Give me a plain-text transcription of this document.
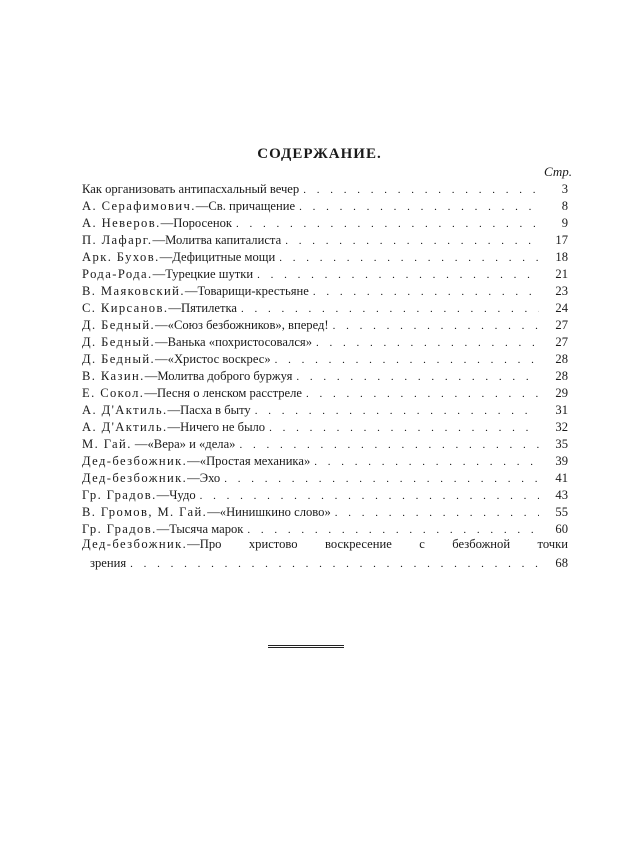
СОДЕРЖАНИЕ.
Стр.
Как организовать антипасхальный вечер . . .	3
А. Серафимович.—Св. причащение . . .	8
А. Неверов.—Поросенок . . .	9
П. Лафарг.—Молитва капиталиста . . .	17
Арк. Бухов.—Дефицитные мощи . . .	18
Рода-Рода.—Турецкие шутки . . .	21
В. Маяковский.—Товарищи-крестьяне . . .	23
С. Кирсанов.—Пятилетка . . .	24
Д. Бедный.—«Союз безбожников», вперед! . . .	27
Д. Бедный.—Ванька «похристосовался» . . .	27
Д. Бедный.—«Христос воскрес» . . .	28
В. Казин.—Молитва доброго буржуя . . .	28
Е. Сокол.—Песня о ленском расстреле . . .	29
А. Д'Актиль.—Пасха в быту . . .	31
А. Д'Актиль.—Ничего не было . . .	32
М. Гай. —«Вера» и «дела» . . .	35
Дед-безбожник.—«Простая механика» . . .	39
Дед-безбожник.—Эхо . . .	41
Гр. Градов.—Чудо . . .	43
В. Громов, М. Гай.—«Нинишкино слово» . . .	55
Гр. Градов.—Тысяча марок . . .	60
Дед-безбожник.—Про христово воскресение с безбожной точки
зрения . . .	68
